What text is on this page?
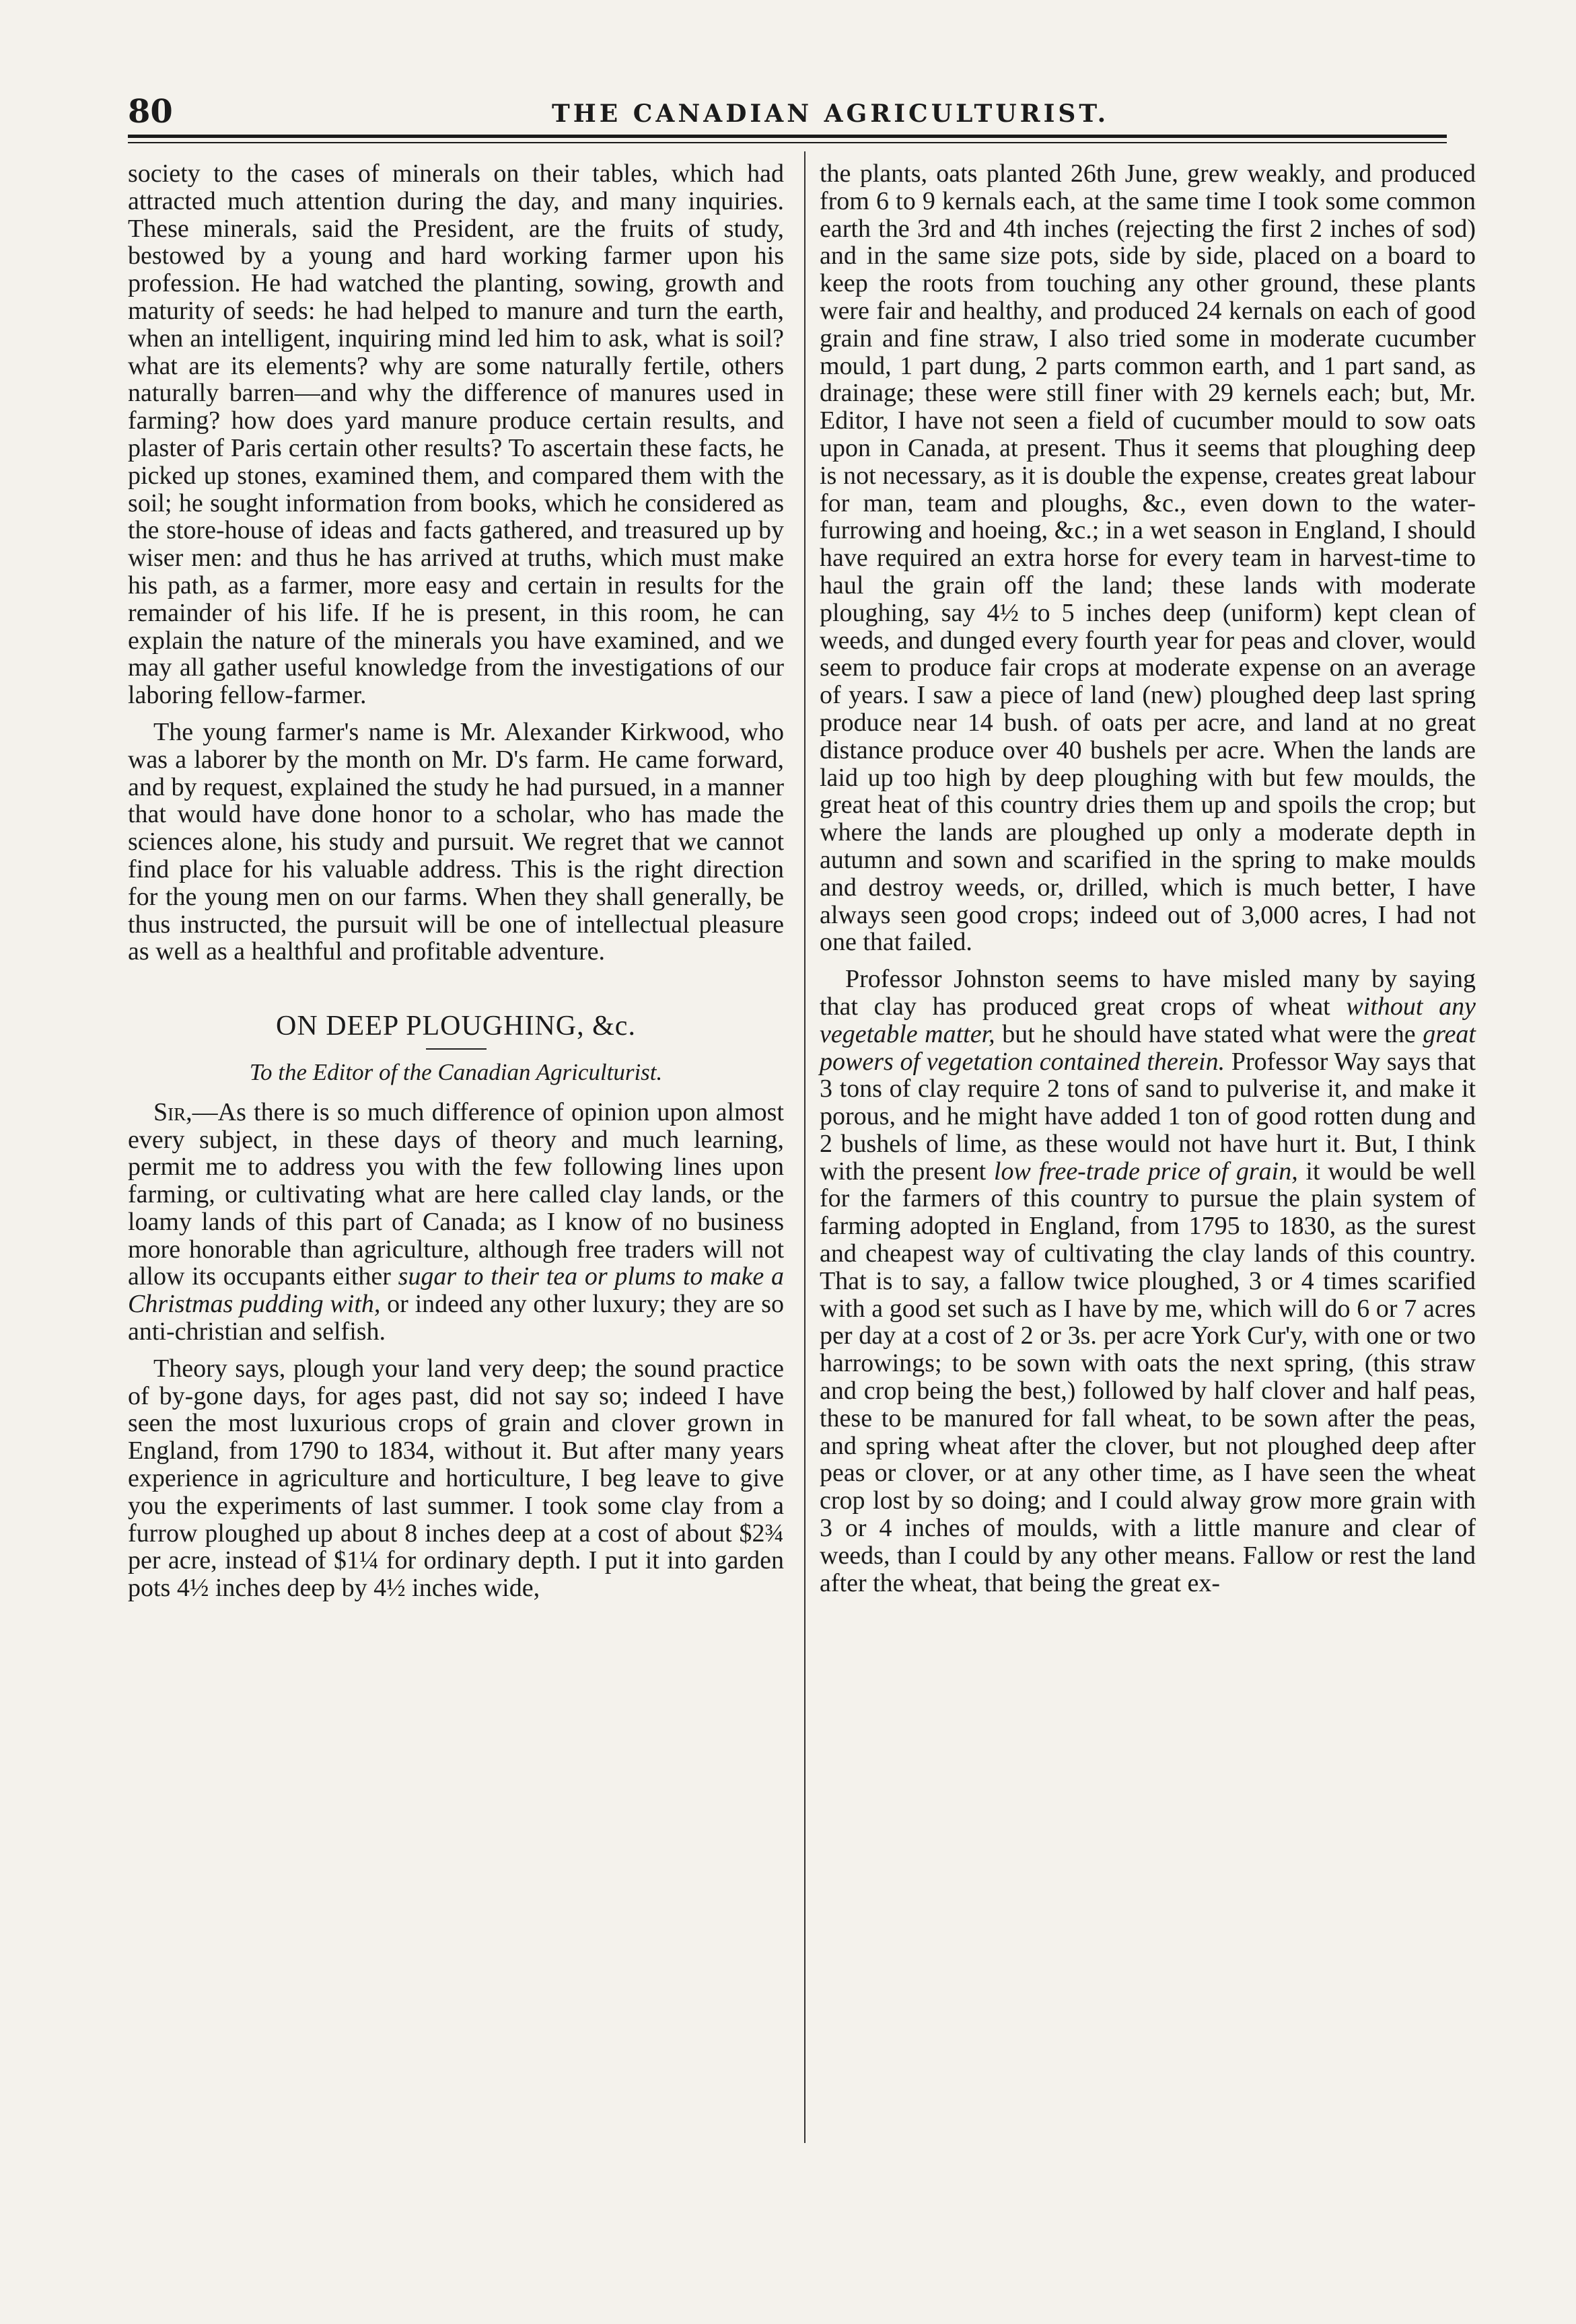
80	THE CANADIAN AGRICULTURIST.

society to the cases of minerals on their tables, which had attracted much attention during the day, and many inquiries. These minerals, said the President, are the fruits of study, bestowed by a young and hard working farmer upon his profession. He had watched the planting, sowing, growth and maturity of seeds: he had helped to manure and turn the earth, when an intelligent, inquiring mind led him to ask, what is soil? what are its elements? why are some naturally fertile, others naturally barren—and why the difference of manures used in farming? how does yard manure produce certain results, and plaster of Paris certain other results? To ascertain these facts, he picked up stones, examined them, and compared them with the soil; he sought information from books, which he considered as the store-house of ideas and facts gathered, and treasured up by wiser men: and thus he has arrived at truths, which must make his path, as a farmer, more easy and certain in results for the remainder of his life. If he is present, in this room, he can explain the nature of the minerals you have examined, and we may all gather useful knowledge from the investigations of our laboring fellow-farmer.

The young farmer's name is Mr. Alexander Kirkwood, who was a laborer by the month on Mr. D's farm. He came forward, and by request, explained the study he had pursued, in a manner that would have done honor to a scholar, who has made the sciences alone, his study and pursuit. We regret that we cannot find place for his valuable address. This is the right direction for the young men on our farms. When they shall generally, be thus instructed, the pursuit will be one of intellectual pleasure as well as a healthful and profitable adventure.

ON DEEP PLOUGHING, &c.
To the Editor of the Canadian Agriculturist.

Sir,—As there is so much difference of opinion upon almost every subject, in these days of theory and much learning, permit me to address you with the few following lines upon farming, or cultivating what are here called clay lands, or the loamy lands of this part of Canada; as I know of no business more honorable than agriculture, although free traders will not allow its occupants either sugar to their tea or plums to make a Christmas pudding with, or indeed any other luxury; they are so anti-christian and selfish.

Theory says, plough your land very deep; the sound practice of by-gone days, for ages past, did not say so; indeed I have seen the most luxurious crops of grain and clover grown in England, from 1790 to 1834, without it. But after many years experience in agriculture and horticulture, I beg leave to give you the experiments of last summer. I took some clay from a furrow ploughed up about 8 inches deep at a cost of about $2¾ per acre, instead of $1¼ for ordinary depth. I put it into garden pots 4½ inches deep by 4½ inches wide,

the plants, oats planted 26th June, grew weakly, and produced from 6 to 9 kernals each, at the same time I took some common earth the 3rd and 4th inches (rejecting the first 2 inches of sod) and in the same size pots, side by side, placed on a board to keep the roots from touching any other ground, these plants were fair and healthy, and produced 24 kernals on each of good grain and fine straw, I also tried some in moderate cucumber mould, 1 part dung, 2 parts common earth, and 1 part sand, as drainage; these were still finer with 29 kernels each; but, Mr. Editor, I have not seen a field of cucumber mould to sow oats upon in Canada, at present. Thus it seems that ploughing deep is not necessary, as it is double the expense, creates great labour for man, team and ploughs, &c., even down to the water-furrowing and hoeing, &c.; in a wet season in England, I should have required an extra horse for every team in harvest-time to haul the grain off the land; these lands with moderate ploughing, say 4½ to 5 inches deep (uniform) kept clean of weeds, and dunged every fourth year for peas and clover, would seem to produce fair crops at moderate expense on an average of years. I saw a piece of land (new) ploughed deep last spring produce near 14 bush. of oats per acre, and land at no great distance produce over 40 bushels per acre. When the lands are laid up too high by deep ploughing with but few moulds, the great heat of this country dries them up and spoils the crop; but where the lands are ploughed up only a moderate depth in autumn and sown and scarified in the spring to make moulds and destroy weeds, or, drilled, which is much better, I have always seen good crops; indeed out of 3,000 acres, I had not one that failed.

Professor Johnston seems to have misled many by saying that clay has produced great crops of wheat without any vegetable matter, but he should have stated what were the great powers of vegetation contained therein. Professor Way says that 3 tons of clay require 2 tons of sand to pulverise it, and make it porous, and he might have added 1 ton of good rotten dung and 2 bushels of lime, as these would not have hurt it. But, I think with the present low free-trade price of grain, it would be well for the farmers of this country to pursue the plain system of farming adopted in England, from 1795 to 1830, as the surest and cheapest way of cultivating the clay lands of this country. That is to say, a fallow twice ploughed, 3 or 4 times scarified with a good set such as I have by me, which will do 6 or 7 acres per day at a cost of 2 or 3s. per acre York Cur'y, with one or two harrowings; to be sown with oats the next spring, (this straw and crop being the best,) followed by half clover and half peas, these to be manured for fall wheat, to be sown after the peas, and spring wheat after the clover, but not ploughed deep after peas or clover, or at any other time, as I have seen the wheat crop lost by so doing; and I could alway grow more grain with 3 or 4 inches of moulds, with a little manure and clear of weeds, than I could by any other means. Fallow or rest the land after the wheat, that being the great ex-
